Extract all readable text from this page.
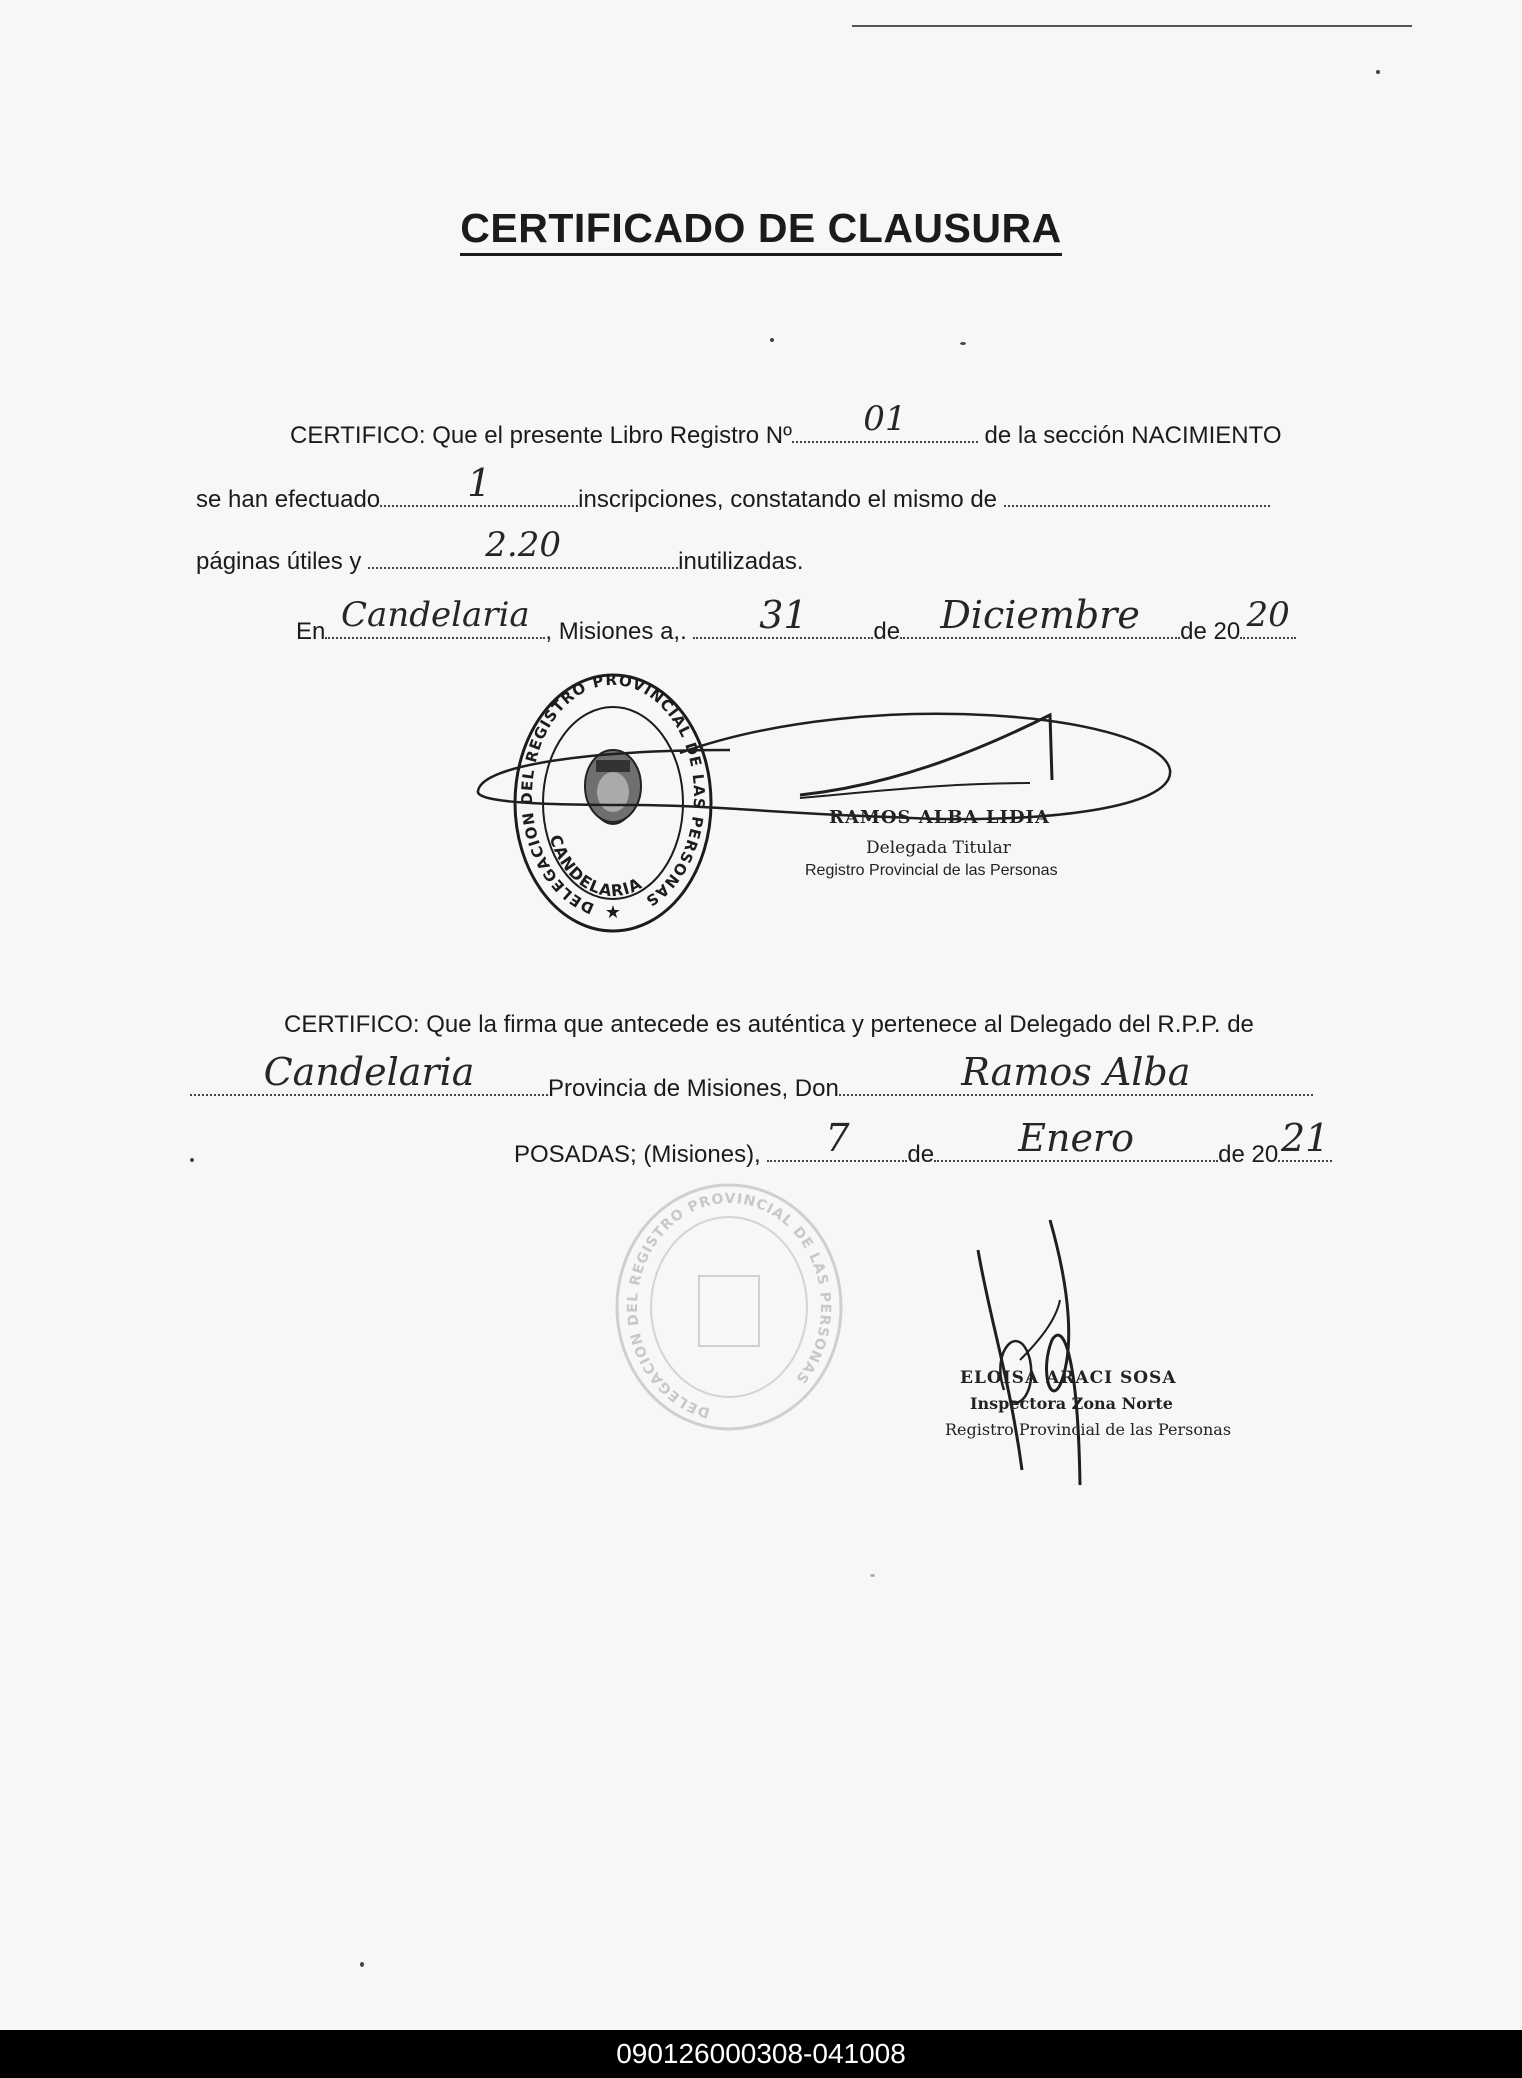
CERTIFICADO DE CLAUSURA
CERTIFICO: Que el presente Libro Registro Nº	01	de la sección NACIMIENTO
se han efectuado	1	inscripciones, constatando el mismo de
páginas útiles y	2.20	inutilizadas.
En Candelaria , Misiones a,.	31	de	Diciembre	de 20 20
DELEGACION DEL REGISTRO PROVINCIAL DE LAS PERSONAS
CANDELARIA
★
RAMOS ALBA LIDIA
Delegada Titular
Registro Provincial de las Personas
CERTIFICO: Que la firma que antecede es auténtica y pertenece al Delegado del R.P.P. de
Candelaria	Provincia de Misiones, Don	Ramos Alba
POSADAS; (Misiones),	7	de	Enero	de 20 21
DELEGACION DEL REGISTRO PROVINCIAL DE LAS PERSONAS	ELOISA ARACI SOSA
Inspectora Zona Norte
Registro Provincial de las Personas
090126000308-041008
